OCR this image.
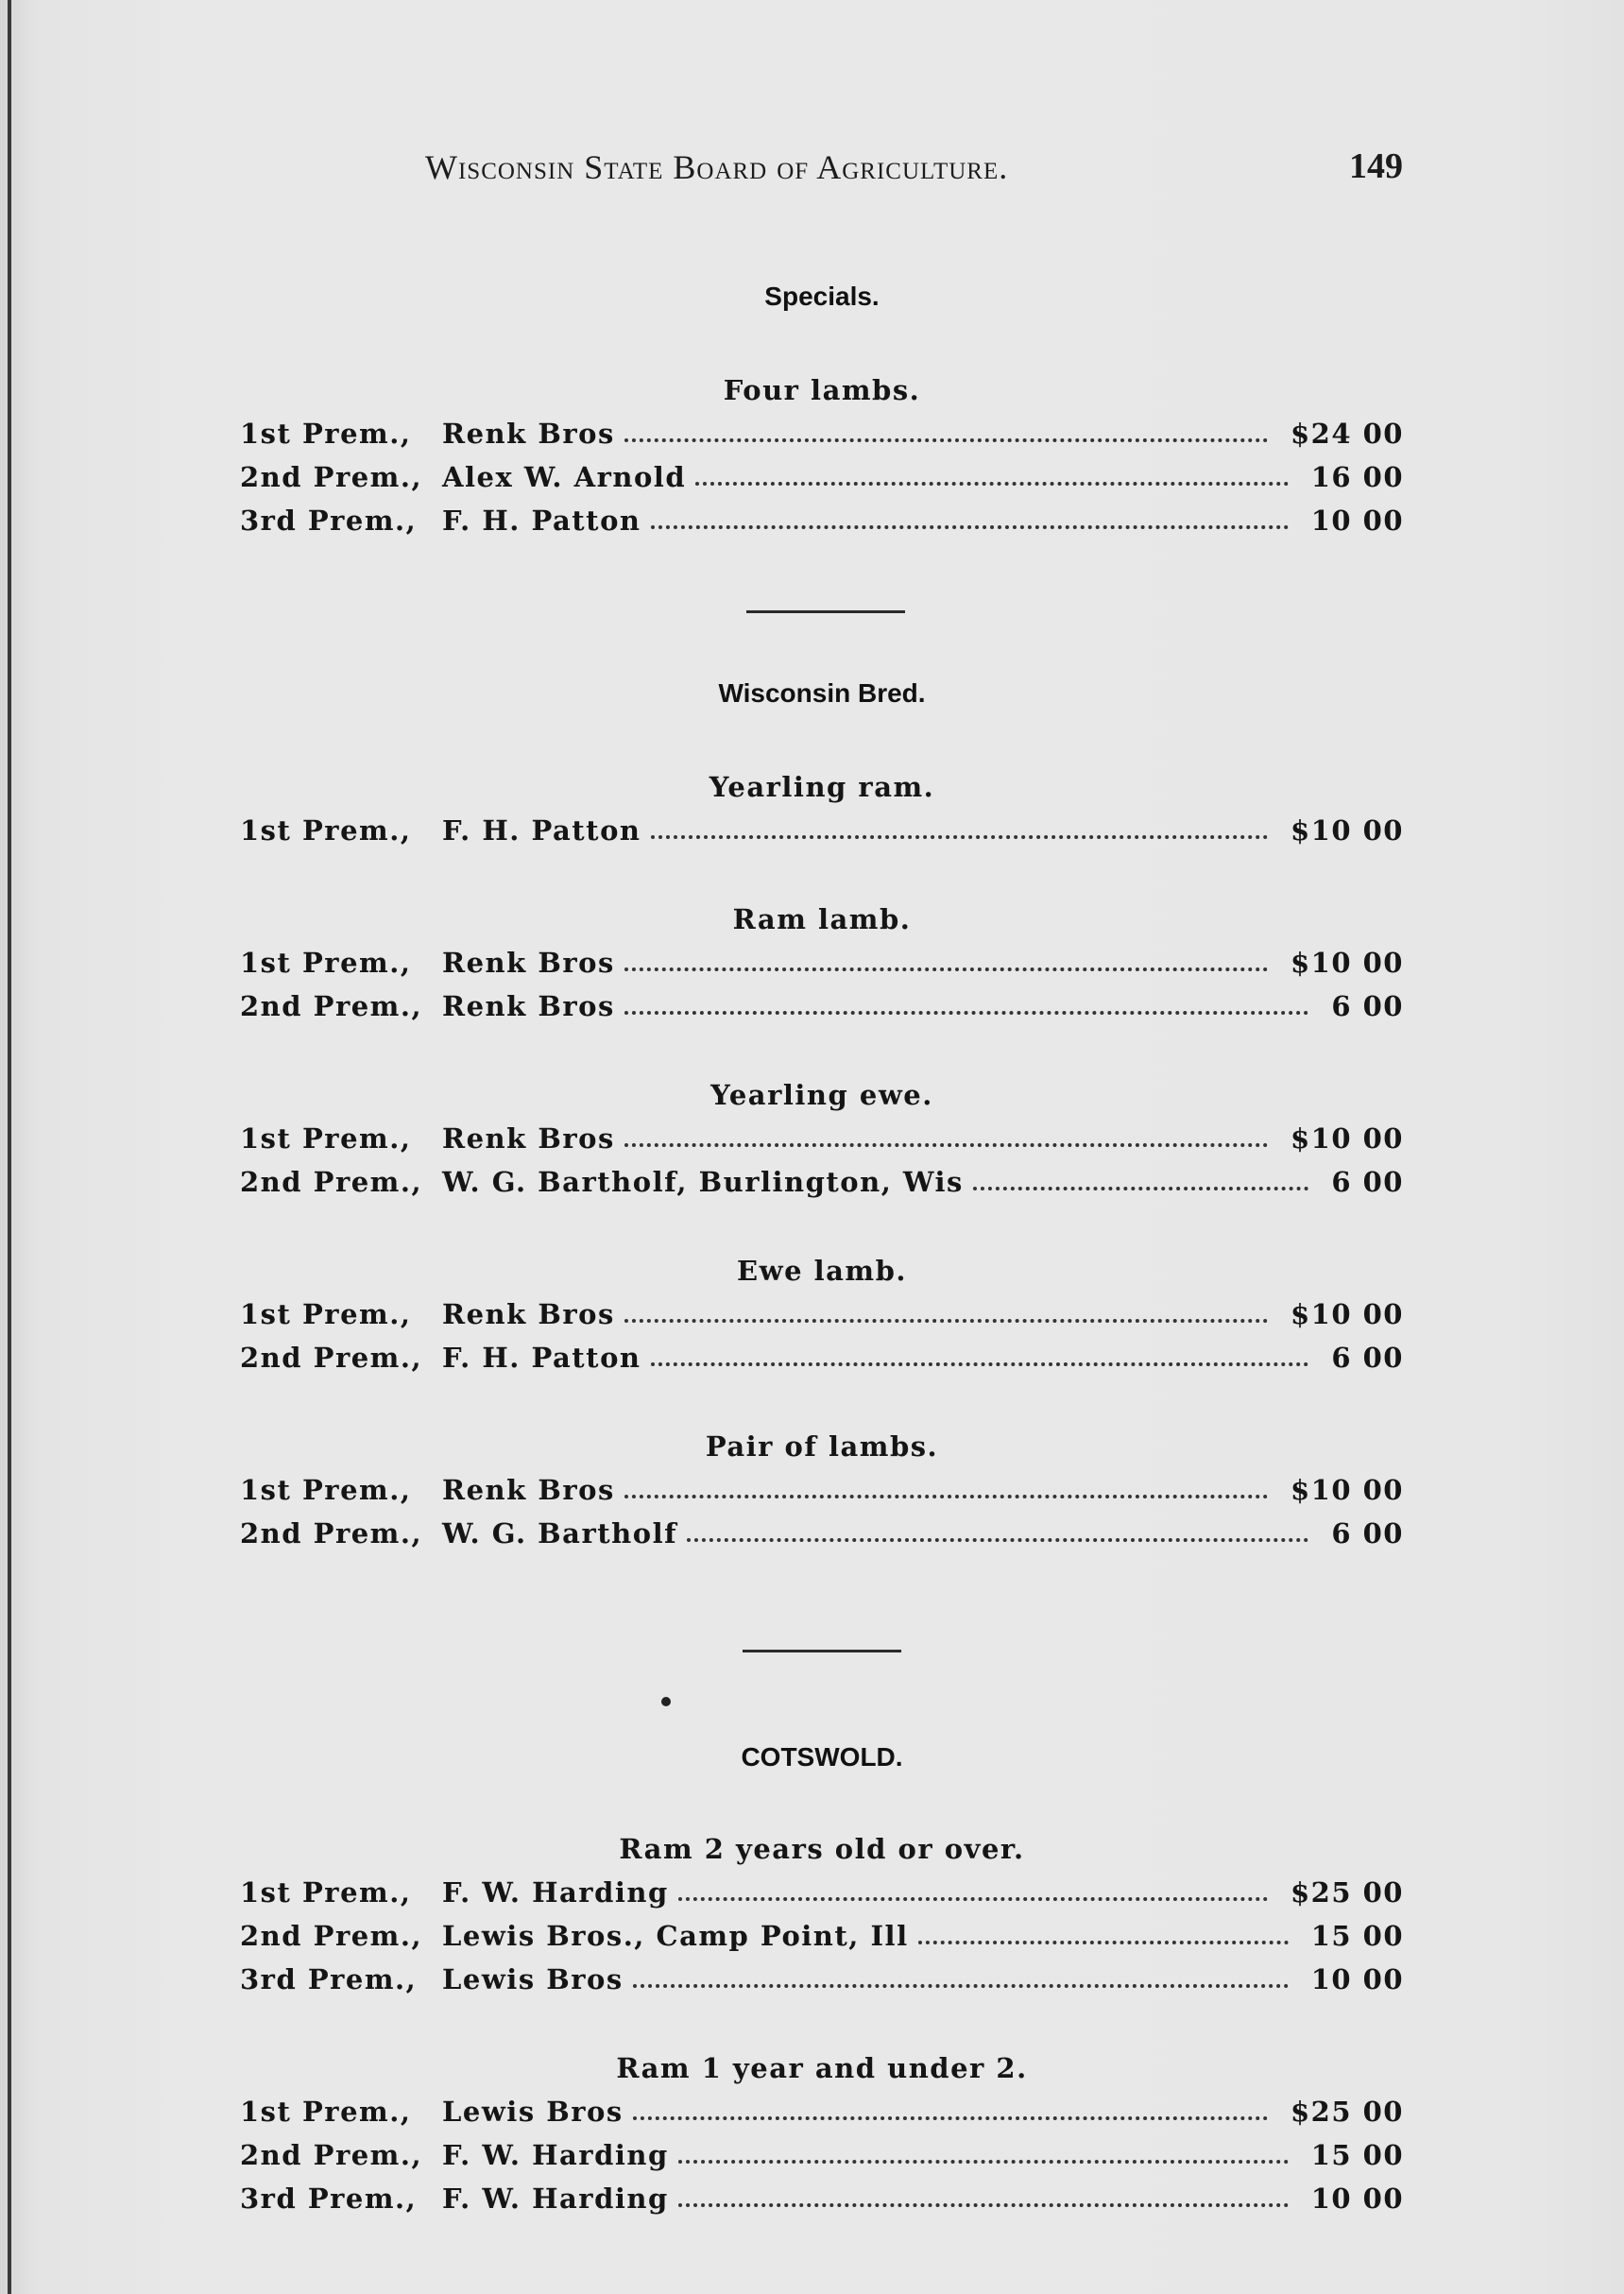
Wisconsin State Board of Agriculture.	149
Specials.
Four lambs.
1st Prem., Renk Bros	$24 00
2nd Prem., Alex W. Arnold	16 00
3rd Prem., F. H. Patton	10 00
Wisconsin Bred.
Yearling ram.
1st Prem., F. H. Patton	$10 00
Ram lamb.
1st Prem., Renk Bros	$10 00
2nd Prem., Renk Bros	6 00
Yearling ewe.
1st Prem., Renk Bros	$10 00
2nd Prem., W. G. Bartholf, Burlington, Wis	6 00
Ewe lamb.
1st Prem., Renk Bros	$10 00
2nd Prem., F. H. Patton	6 00
Pair of lambs.
1st Prem., Renk Bros	$10 00
2nd Prem., W. G. Bartholf	6 00
COTSWOLD.
Ram 2 years old or over.
1st Prem., F. W. Harding	$25 00
2nd Prem., Lewis Bros., Camp Point, Ill	15 00
3rd Prem., Lewis Bros	10 00
Ram 1 year and under 2.
1st Prem., Lewis Bros	$25 00
2nd Prem., F. W. Harding	15 00
3rd Prem., F. W. Harding	10 00
